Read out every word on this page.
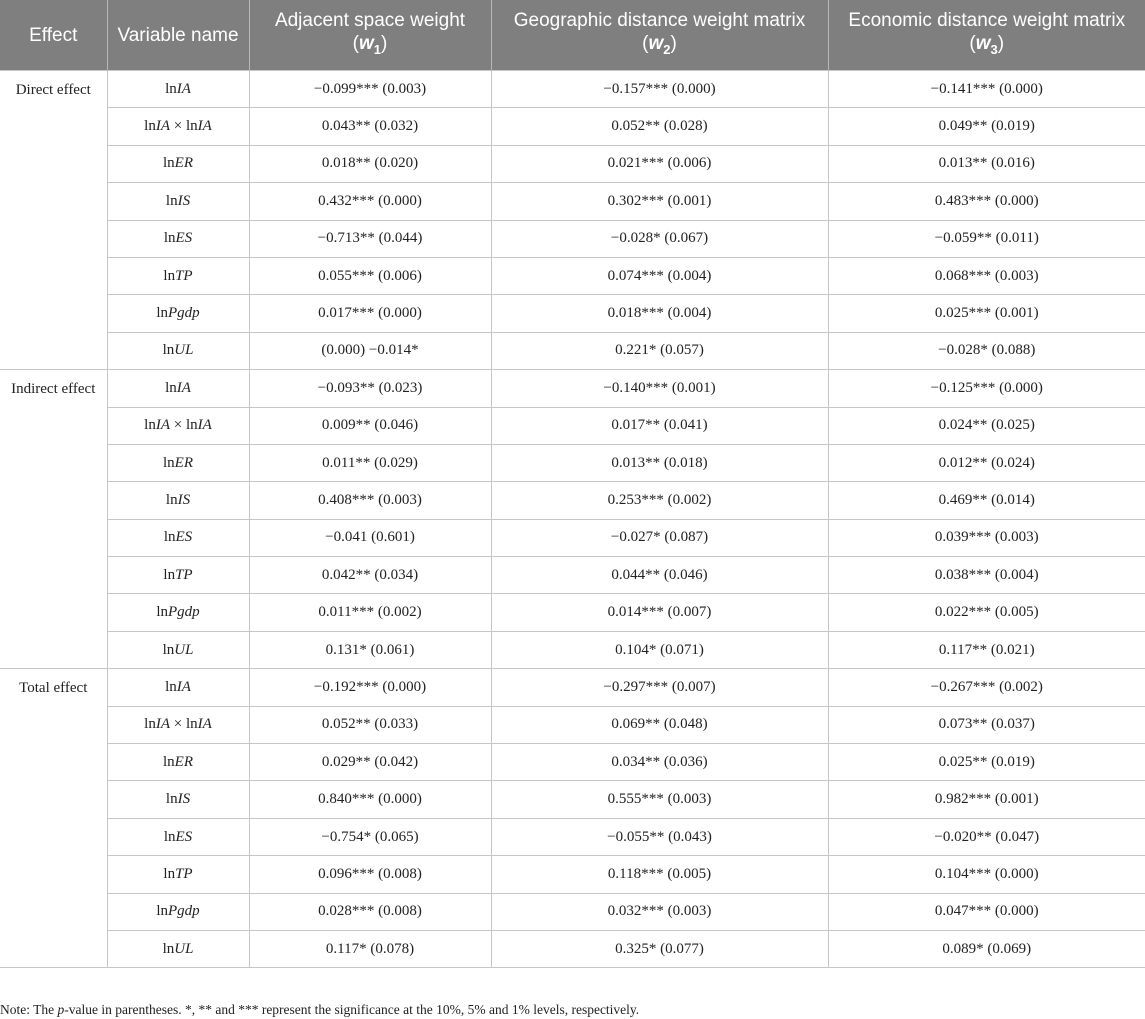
Effect	Variable name	Adjacent space weight $(w_1)$	Geographic distance weight matrix $(w_2)$	Economic distance weight matrix $(w_3)$
Direct effect	lnIA	−0.099*** (0.003)	−0.157*** (0.000)	−0.141*** (0.000)
	lnIA × lnIA	0.043** (0.032)	0.052** (0.028)	0.049** (0.019)
	lnER	0.018** (0.020)	0.021*** (0.006)	0.013** (0.016)
	lnIS	0.432*** (0.000)	0.302*** (0.001)	0.483*** (0.000)
	lnES	−0.713** (0.044)	−0.028* (0.067)	−0.059** (0.011)
	lnTP	0.055*** (0.006)	0.074*** (0.004)	0.068*** (0.003)
	lnPgdp	0.017*** (0.000)	0.018*** (0.004)	0.025*** (0.001)
	lnUL	(0.000) −0.014*	0.221* (0.057)	−0.028* (0.088)
Indirect effect	lnIA	−0.093** (0.023)	−0.140*** (0.001)	−0.125*** (0.000)
	lnIA × lnIA	0.009** (0.046)	0.017** (0.041)	0.024** (0.025)
	lnER	0.011** (0.029)	0.013** (0.018)	0.012** (0.024)
	lnIS	0.408*** (0.003)	0.253*** (0.002)	0.469** (0.014)
	lnES	−0.041 (0.601)	−0.027* (0.087)	0.039*** (0.003)
	lnTP	0.042** (0.034)	0.044** (0.046)	0.038*** (0.004)
	lnPgdp	0.011*** (0.002)	0.014*** (0.007)	0.022*** (0.005)
	lnUL	0.131* (0.061)	0.104* (0.071)	0.117** (0.021)
Total effect	lnIA	−0.192*** (0.000)	−0.297*** (0.007)	−0.267*** (0.002)
	lnIA × lnIA	0.052** (0.033)	0.069** (0.048)	0.073** (0.037)
	lnER	0.029** (0.042)	0.034** (0.036)	0.025** (0.019)
	lnIS	0.840*** (0.000)	0.555*** (0.003)	0.982*** (0.001)
	lnES	−0.754* (0.065)	−0.055** (0.043)	−0.020** (0.047)
	lnTP	0.096*** (0.008)	0.118*** (0.005)	0.104*** (0.000)
	lnPgdp	0.028*** (0.008)	0.032*** (0.003)	0.047*** (0.000)
	lnUL	0.117* (0.078)	0.325* (0.077)	0.089* (0.069)
Note: The p-value in parentheses. *, ** and *** represent the significance at the 10%, 5% and 1% levels, respectively.
